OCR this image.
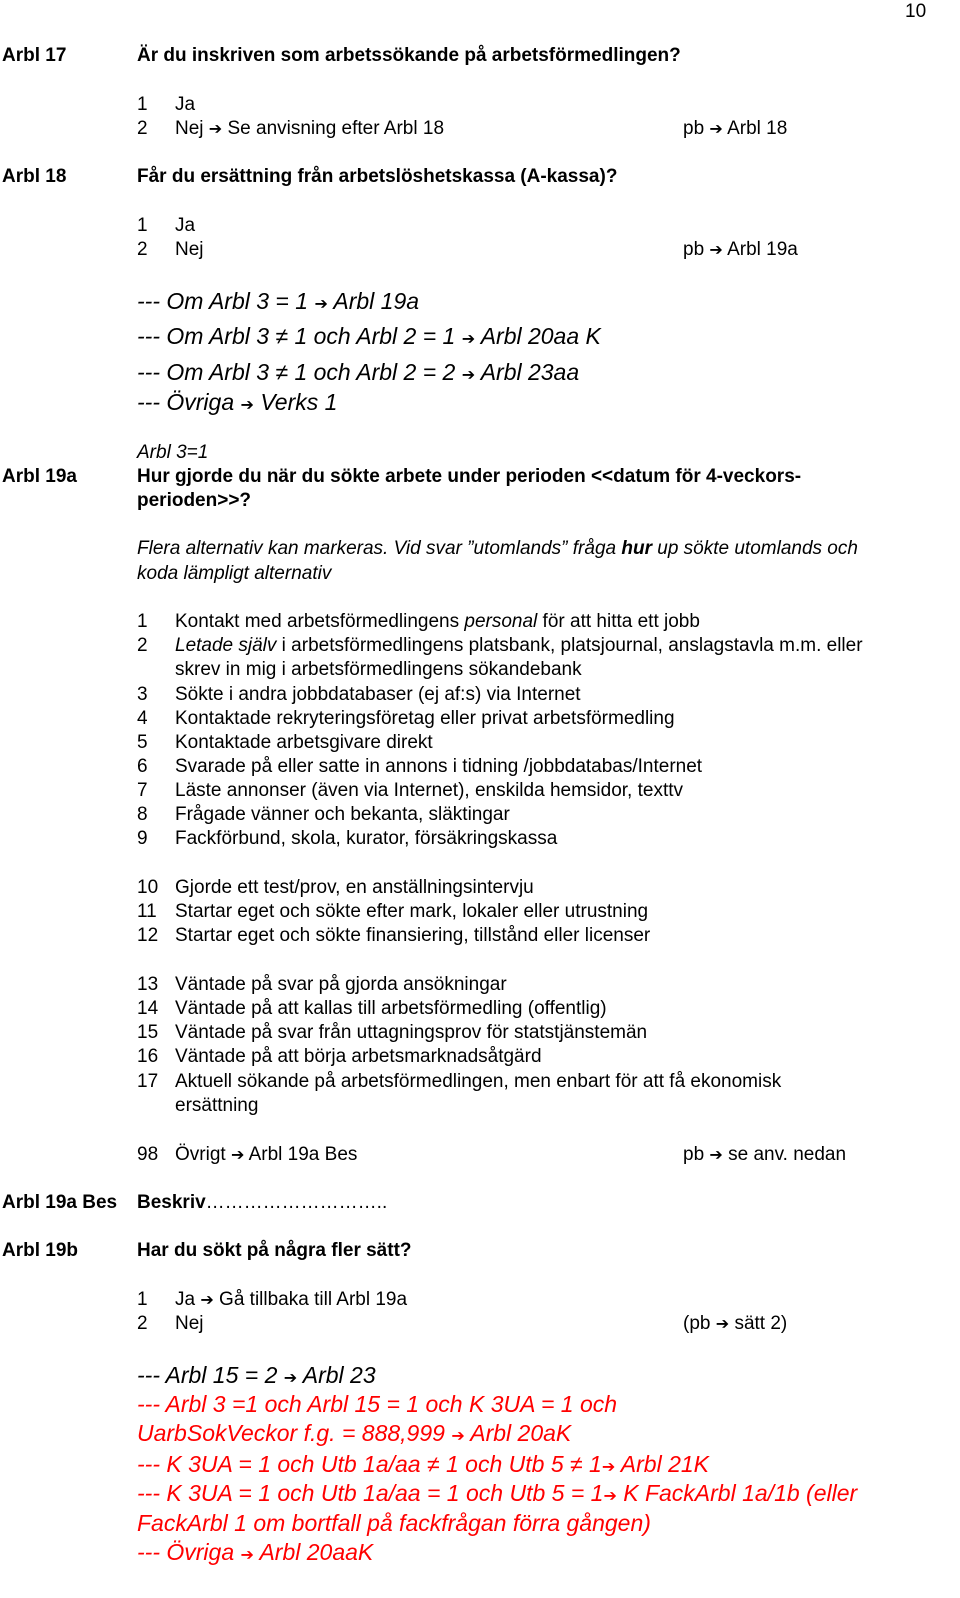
10
Arbl 17	Är du inskriven som arbetssökande på arbetsförmedlingen?
1 Ja
2 Nej ➔ Se anvisning efter Arbl 18	pb ➔ Arbl 18
Arbl 18	Får du ersättning från arbetslöshetskassa (A-kassa)?
1 Ja
2 Nej	pb ➔ Arbl 19a
--- Om Arbl 3 = 1 ➔ Arbl 19a
--- Om Arbl 3 ≠ 1 och Arbl 2 = 1 ➔ Arbl 20aa K
--- Om Arbl 3 ≠ 1 och Arbl 2 = 2 ➔ Arbl 23aa
--- Övriga ➔ Verks 1
Arbl 3=1
Arbl 19a	Hur gjorde du när du sökte arbete under perioden <<datum för 4-veckors-
perioden>>?
Flera alternativ kan markeras. Vid svar ”utomlands” fråga hur up sökte utomlands och
koda lämpligt alternativ
1 Kontakt med arbetsförmedlingens personal för att hitta ett jobb
2 Letade själv i arbetsförmedlingens platsbank, platsjournal, anslagstavla m.m. eller
skrev in mig i arbetsförmedlingens sökandebank
3 Sökte i andra jobbdatabaser (ej af:s) via Internet
4 Kontaktade rekryteringsföretag eller privat arbetsförmedling
5 Kontaktade arbetsgivare direkt
6 Svarade på eller satte in annons i tidning /jobbdatabas/Internet
7 Läste annonser (även via Internet), enskilda hemsidor, texttv
8 Frågade vänner och bekanta, släktingar
9 Fackförbund, skola, kurator, försäkringskassa
10 Gjorde ett test/prov, en anställningsintervju
11 Startar eget och sökte efter mark, lokaler eller utrustning
12 Startar eget och sökte finansiering, tillstånd eller licenser
13 Väntade på svar på gjorda ansökningar
14 Väntade på att kallas till arbetsförmedling (offentlig)
15 Väntade på svar från uttagningsprov för statstjänstemän
16 Väntade på att börja arbetsmarknadsåtgärd
17 Aktuell sökande på arbetsförmedlingen, men enbart för att få ekonomisk
ersättning
98 Övrigt ➔ Arbl 19a Bes	pb ➔ se anv. nedan
Arbl 19a Bes Beskriv………………………..
Arbl 19b	Har du sökt på några fler sätt?
1 Ja ➔ Gå tillbaka till Arbl 19a
2 Nej	(pb ➔ sätt 2)
--- Arbl 15 = 2 ➔ Arbl 23
--- Arbl 3 =1 och Arbl 15 = 1 och K 3UA = 1 och
UarbSokVeckor f.g. = 888,999 ➔ Arbl 20aK
--- K 3UA = 1 och Utb 1a/aa ≠ 1 och Utb 5 ≠ 1➔ Arbl 21K
--- K 3UA = 1 och Utb 1a/aa = 1 och Utb 5 = 1➔ K FackArbl 1a/1b (eller
FackArbl 1 om bortfall på fackfrågan förra gången)
--- Övriga ➔ Arbl 20aaK
